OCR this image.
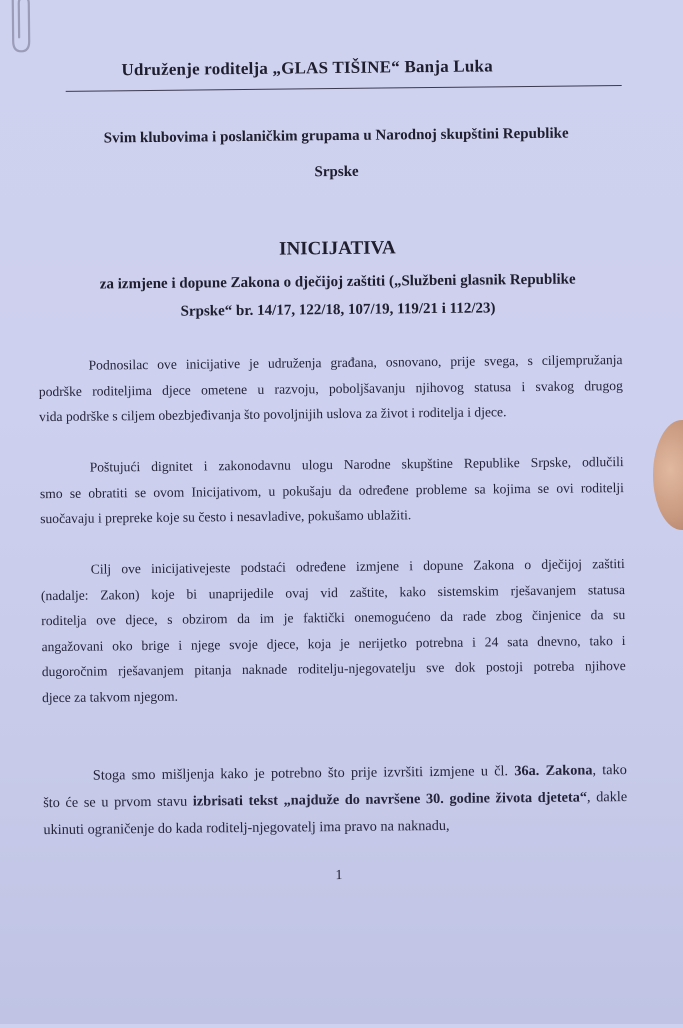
Udruženje roditelja „GLAS TIŠINE“ Banja Luka
Svim klubovima i poslaničkim grupama u Narodnoj skupštini Republike
Srpske
INICIJATIVA
za izmjene i dopune Zakona o dječijoj zaštiti („Službeni glasnik Republike
Srpske“ br. 14/17, 122/18, 107/19, 119/21 i 112/23)
Podnosilac ove inicijative je udruženja građana, osnovano, prije svega, s ciljempružanja
podrške roditeljima djece ometene u razvoju, poboljšavanju njihovog statusa i svakog drugog
vida podrške s ciljem obezbjeđivanja što povoljnijih uslova za život i roditelja i djece.
Poštujući dignitet i zakonodavnu ulogu Narodne skupštine Republike Srpske, odlučili
smo se obratiti se ovom Inicijativom, u pokušaju da određene probleme sa kojima se ovi roditelji
suočavaju i prepreke koje su često i nesavladive, pokušamo ublažiti.
Cilj ove inicijativejeste podstaći određene izmjene i dopune Zakona o dječijoj zaštiti
(nadalje: Zakon) koje bi unaprijedile ovaj vid zaštite, kako sistemskim rješavanjem statusa
roditelja ove djece, s obzirom da im je faktički onemogućeno da rade zbog činjenice da su
angažovani oko brige i njege svoje djece, koja je nerijetko potrebna i 24 sata dnevno, tako i
dugoročnim rješavanjem pitanja naknade roditelju-njegovatelju sve dok postoji potreba njihove
djece za takvom njegom.
Stoga smo mišljenja kako je potrebno što prije izvršiti izmjene u čl. 36a. Zakona, tako
što će se u prvom stavu izbrisati tekst „najduže do navršene 30. godine života djeteta“, dakle
ukinuti ograničenje do kada roditelj-njegovatelj ima pravo na naknadu,
1
